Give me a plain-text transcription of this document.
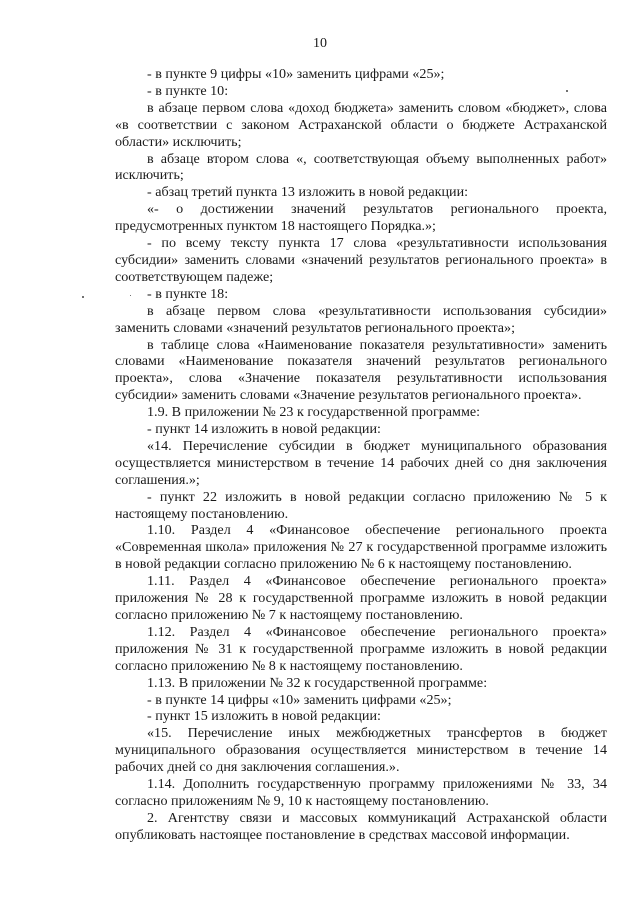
10

- в пункте 9 цифры «10» заменить цифрами «25»;

- в пункте 10:

в абзаце первом слова «доход бюджета» заменить словом «бюджет», слова «в соответствии с законом Астраханской области о бюджете Астраханской области» исключить;

в абзаце втором слова «, соответствующая объему выполненных работ» исключить;

- абзац третий пункта 13 изложить в новой редакции:

«- о достижении значений результатов регионального проекта, предусмотренных пунктом 18 настоящего Порядка.»;

- по всему тексту пункта 17 слова «результативности использования субсидии» заменить словами «значений результатов регионального проекта» в соответствующем падеже;

- в пункте 18:

в абзаце первом слова «результативности использования субсидии» заменить словами «значений результатов регионального проекта»;

в таблице слова «Наименование показателя результативности» заменить словами «Наименование показателя значений результатов регионального проекта», слова «Значение показателя результативности использования субсидии» заменить словами «Значение результатов регионального проекта».

1.9. В приложении № 23 к государственной программе:

- пункт 14 изложить в новой редакции:

«14. Перечисление субсидии в бюджет муниципального образования осуществляется министерством в течение 14 рабочих дней со дня заключения соглашения.»;

- пункт 22 изложить в новой редакции согласно приложению № 5 к настоящему постановлению.

1.10. Раздел 4 «Финансовое обеспечение регионального проекта «Современная школа» приложения № 27 к государственной программе изложить в новой редакции согласно приложению № 6 к настоящему постановлению.

1.11. Раздел 4 «Финансовое обеспечение регионального проекта» приложения № 28 к государственной программе изложить в новой редакции согласно приложению № 7 к настоящему постановлению.

1.12. Раздел 4 «Финансовое обеспечение регионального проекта» приложения № 31 к государственной программе изложить в новой редакции согласно приложению № 8 к настоящему постановлению.

1.13. В приложении № 32 к государственной программе:

- в пункте 14 цифры «10» заменить цифрами «25»;

- пункт 15 изложить в новой редакции:

«15. Перечисление иных межбюджетных трансфертов в бюджет муниципального образования осуществляется министерством в течение 14 рабочих дней со дня заключения соглашения.».

1.14. Дополнить государственную программу приложениями № 33, 34 согласно приложениям № 9, 10 к настоящему постановлению.

2. Агентству связи и массовых коммуникаций Астраханской области опубликовать настоящее постановление в средствах массовой информации.
